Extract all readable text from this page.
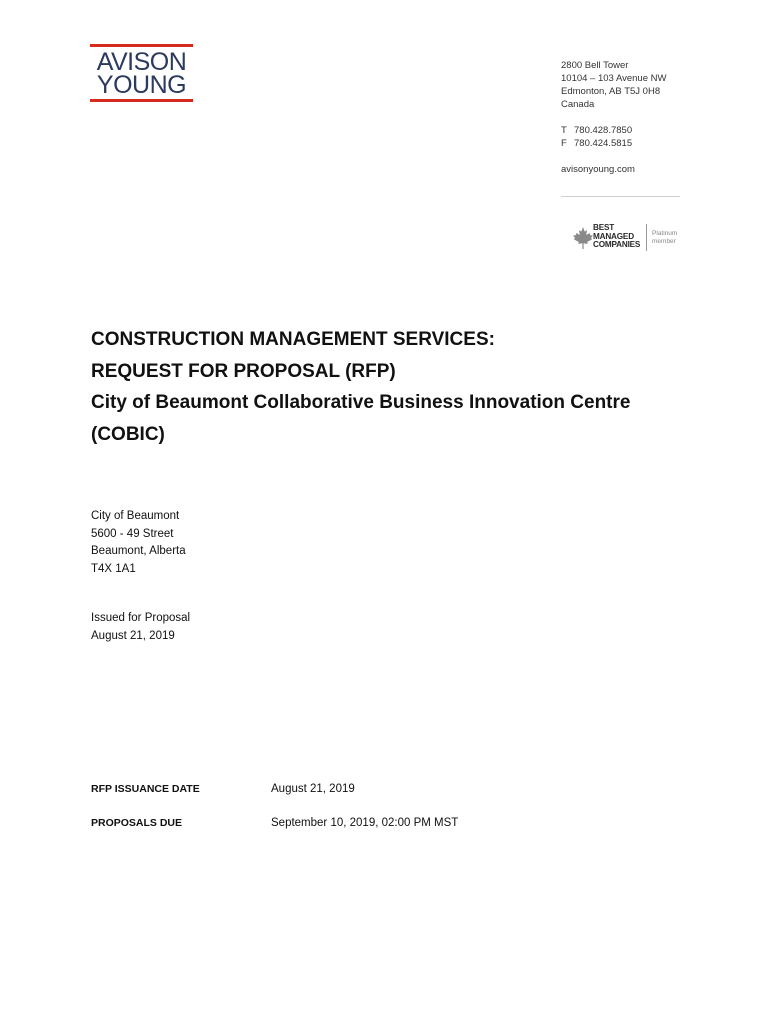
AVISON
YOUNG
2800 Bell Tower
10104 – 103 Avenue NW
Edmonton, AB T5J 0H8
Canada
T 780.428.7850
F 780.424.5815
avisonyoung.com
BEST
MANAGED
COMPANIES
Platinum
member
CONSTRUCTION MANAGEMENT SERVICES:
REQUEST FOR PROPOSAL (RFP)
City of Beaumont Collaborative Business Innovation Centre
(COBIC)
City of Beaumont
5600 - 49 Street
Beaumont, Alberta
T4X 1A1
Issued for Proposal
August 21, 2019
RFP ISSUANCE DATE	August 21, 2019
PROPOSALS DUE	September 10, 2019, 02:00 PM MST
